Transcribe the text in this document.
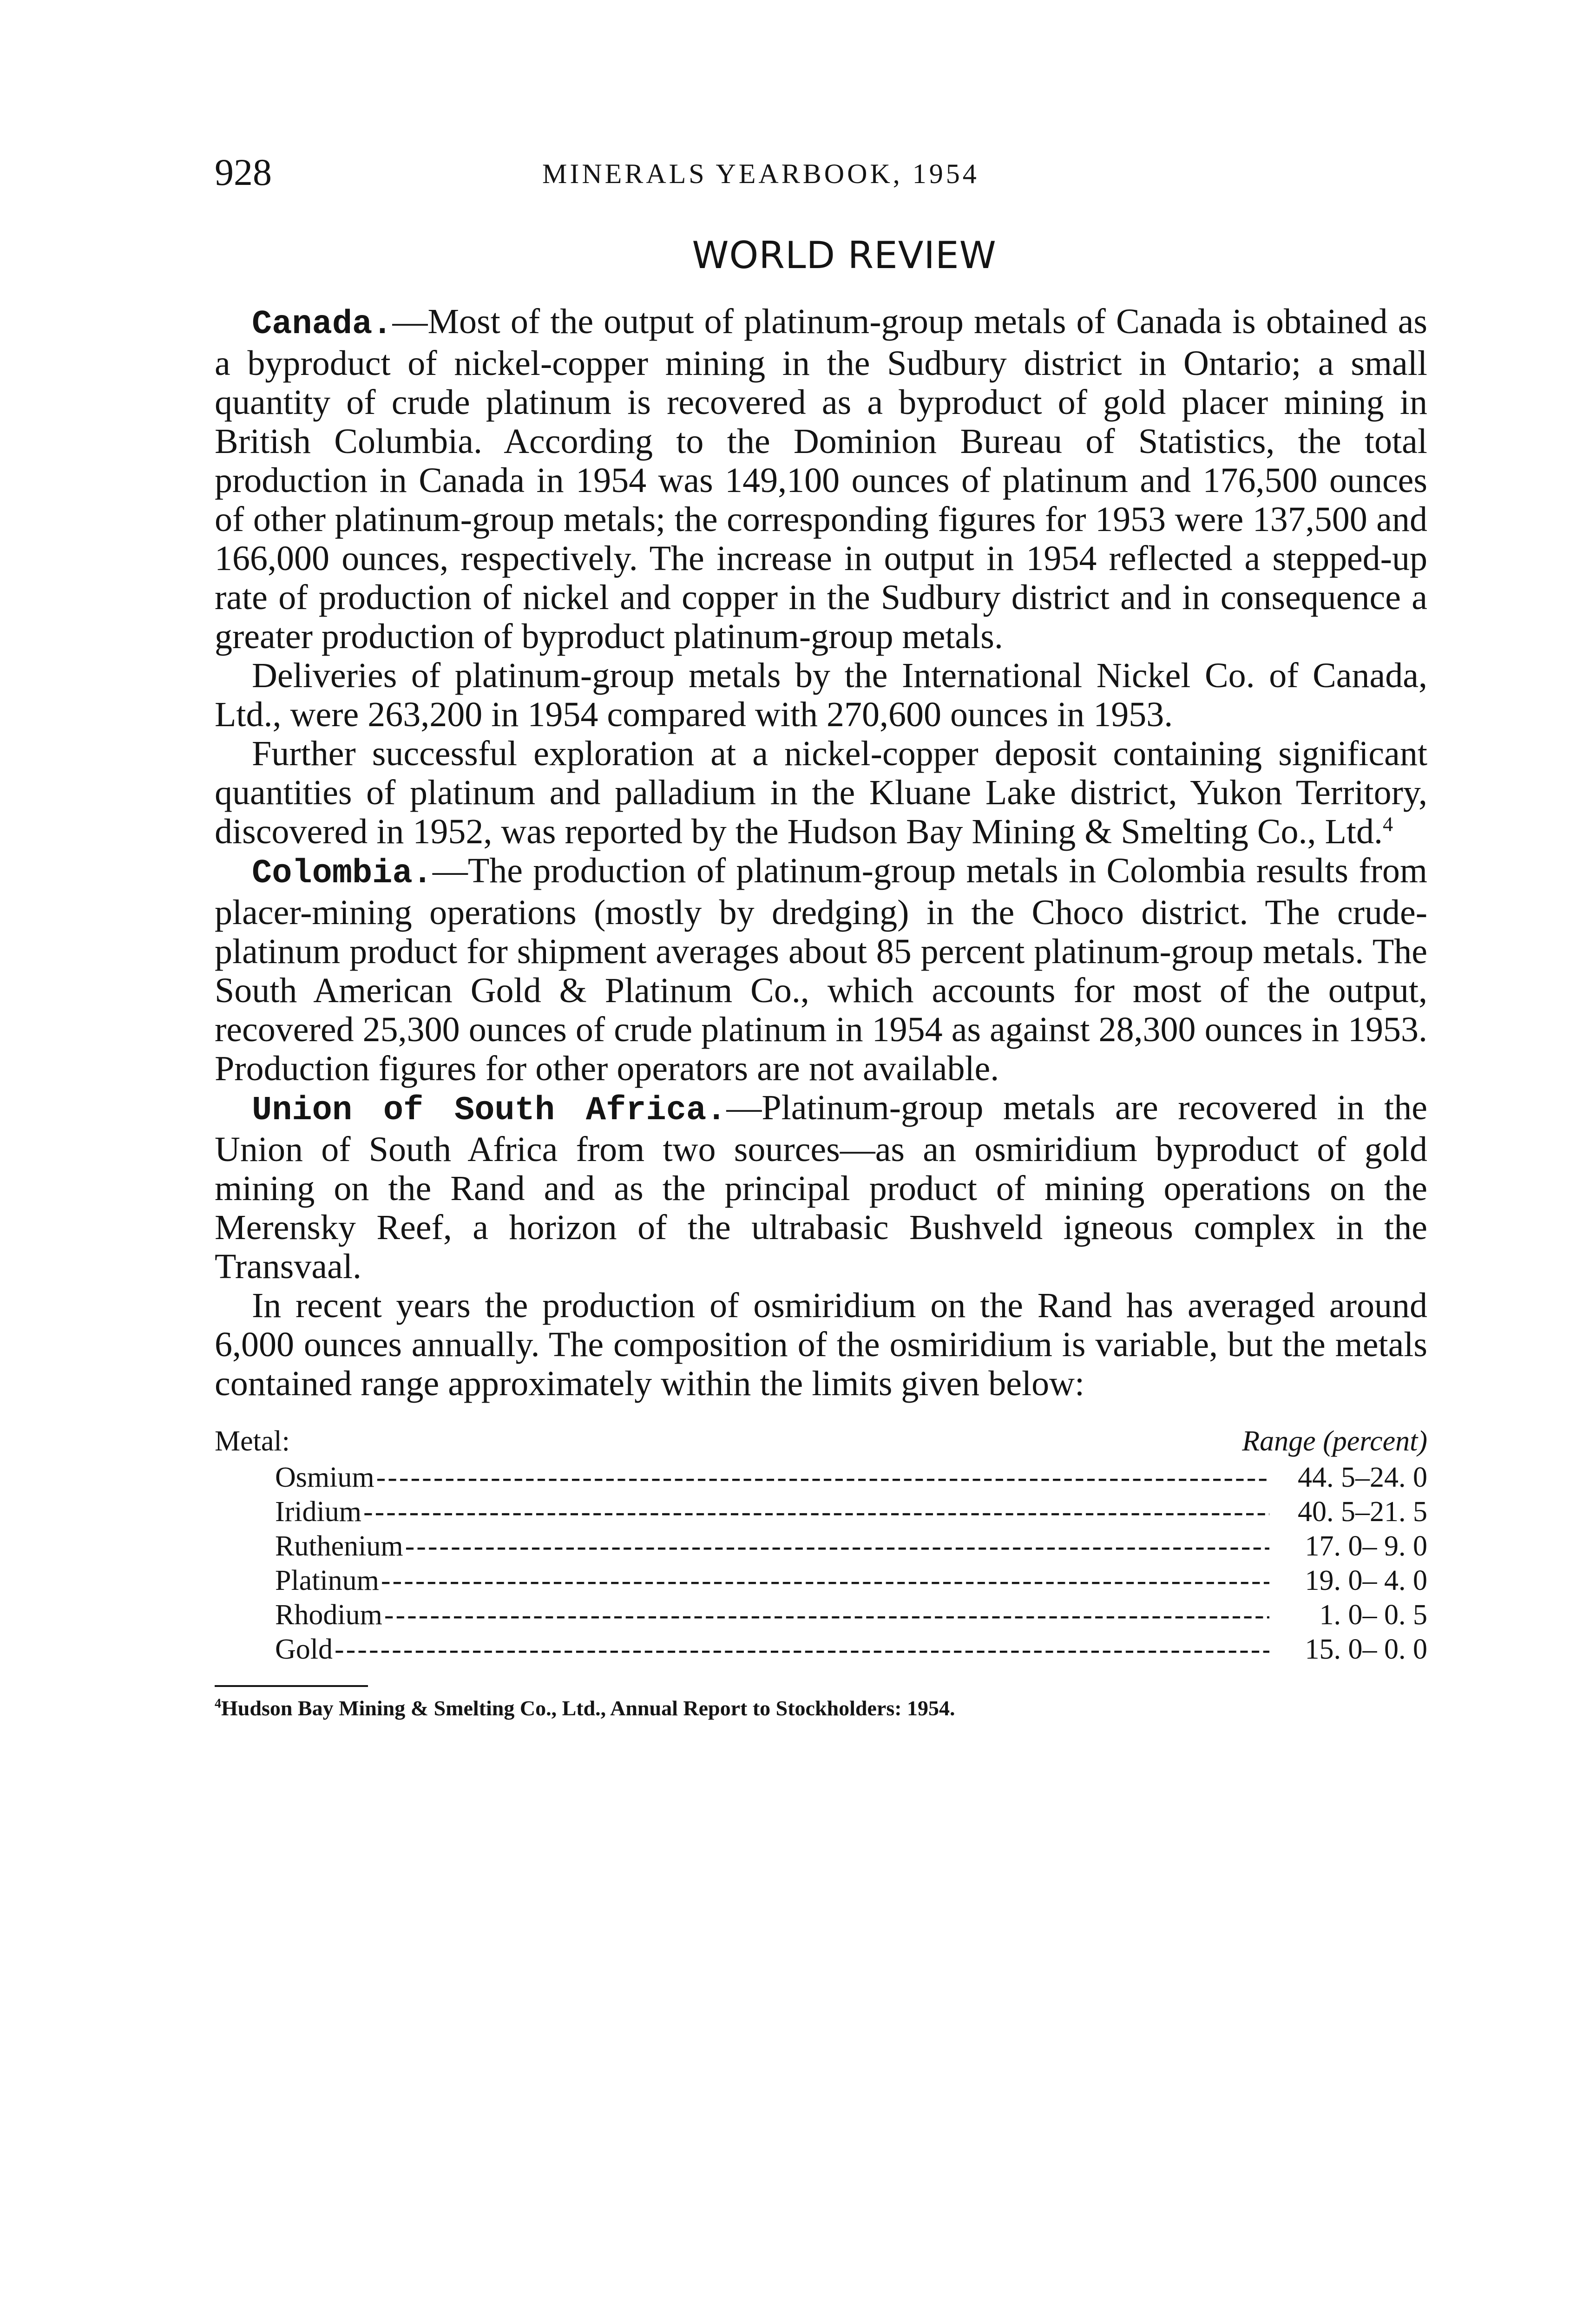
928	MINERALS YEARBOOK, 1954
WORLD REVIEW

Canada.—Most of the output of platinum-group metals of Canada is obtained as a byproduct of nickel-copper mining in the Sudbury district in Ontario; a small quantity of crude platinum is recovered as a byproduct of gold placer mining in British Columbia. According to the Dominion Bureau of Statistics, the total production in Canada in 1954 was 149,100 ounces of platinum and 176,500 ounces of other platinum-group metals; the corresponding figures for 1953 were 137,500 and 166,000 ounces, respectively. The increase in output in 1954 reflected a stepped-up rate of production of nickel and copper in the Sudbury district and in consequence a greater production of byproduct platinum-group metals.

Deliveries of platinum-group metals by the International Nickel Co. of Canada, Ltd., were 263,200 in 1954 compared with 270,600 ounces in 1953.

Further successful exploration at a nickel-copper deposit containing significant quantities of platinum and palladium in the Kluane Lake district, Yukon Territory, discovered in 1952, was reported by the Hudson Bay Mining & Smelting Co., Ltd.$^4$

Colombia.—The production of platinum-group metals in Colombia results from placer-mining operations (mostly by dredging) in the Choco district. The crude-platinum product for shipment averages about 85 percent platinum-group metals. The South American Gold & Platinum Co., which accounts for most of the output, recovered 25,300 ounces of crude platinum in 1954 as against 28,300 ounces in 1953. Production figures for other operators are not available.

Union of South Africa.—Platinum-group metals are recovered in the Union of South Africa from two sources—as an osmiridium byproduct of gold mining on the Rand and as the principal product of mining operations on the Merensky Reef, a horizon of the ultrabasic Bushveld igneous complex in the Transvaal.

In recent years the production of osmiridium on the Rand has averaged around 6,000 ounces annually. The composition of the osmiridium is variable, but the metals contained range approximately within the limits given below:

Metal:	Range (percent)
Osmium -----	44. 5–24. 0
Iridium -----	40. 5–21. 5
Ruthenium -----	17. 0– 9. 0
Platinum -----	19. 0– 4. 0
Rhodium -----	1. 0– 0. 5
Gold -----	15. 0– 0. 0
$^4$Hudson Bay Mining & Smelting Co., Ltd., Annual Report to Stockholders: 1954.
